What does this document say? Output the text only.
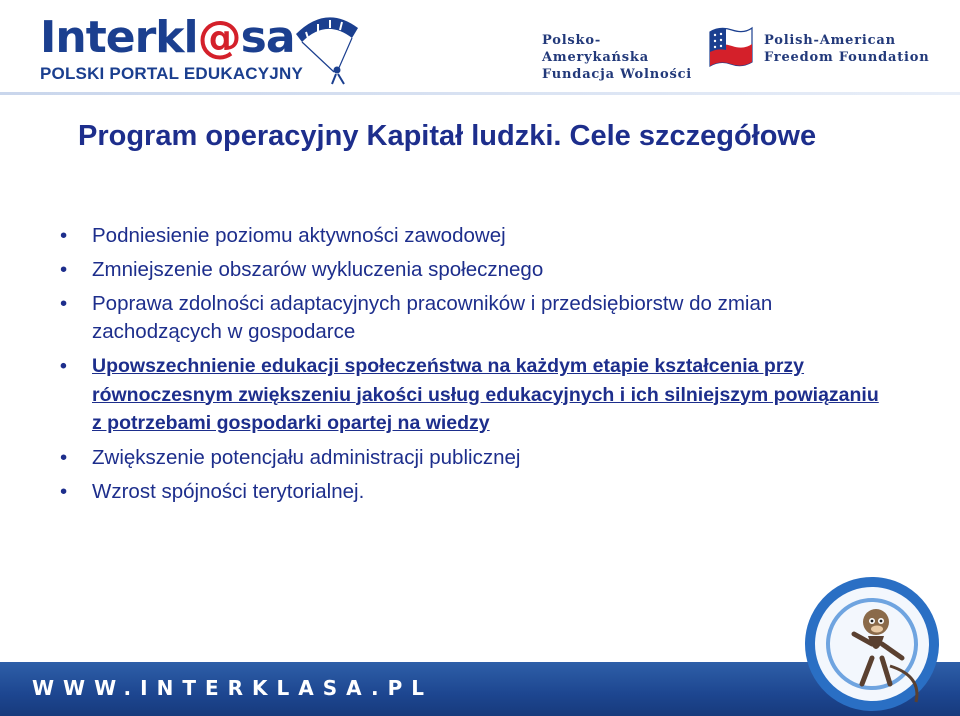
Interkl@sa
POLSKI PORTAL EDUKACYJNY
Polsko-Amerykańska
Fundacja Wolności
Polish-American
Freedom Foundation
Program operacyjny Kapitał ludzki. Cele szczegółowe
• Podniesienie poziomu aktywności zawodowej
• Zmniejszenie obszarów wykluczenia społecznego
• Poprawa zdolności adaptacyjnych pracowników i przedsiębiorstw do zmian zachodzących w gospodarce
• Upowszechnienie edukacji społeczeństwa na każdym etapie kształcenia przy równoczesnym zwiększeniu jakości usług edukacyjnych i ich silniejszym powiązaniu z potrzebami gospodarki opartej na wiedzy
• Zwiększenie potencjału administracji publicznej
• Wzrost spójności terytorialnej.
WWW.INTERKLASA.PL
